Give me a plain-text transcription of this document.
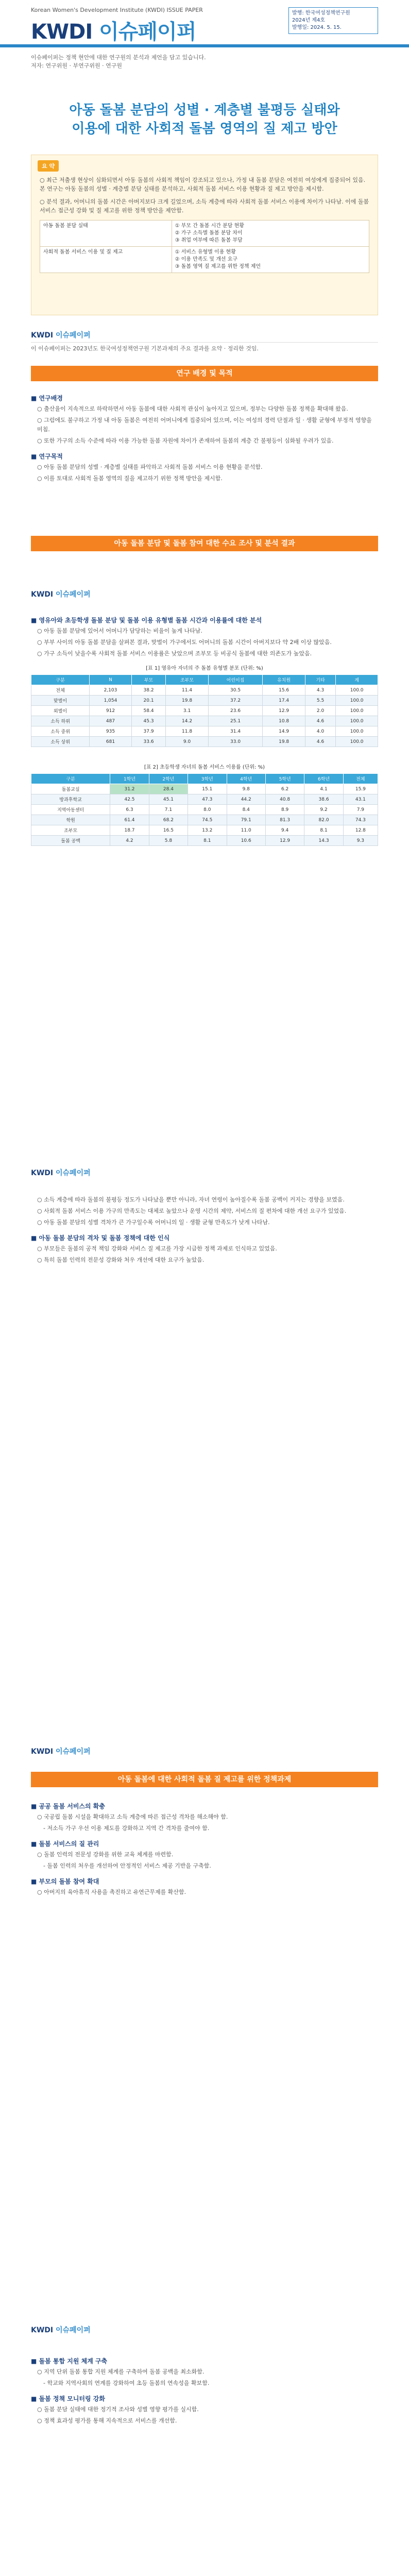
Korean Women's Development Institute (KWDI) ISSUE PAPER
KWDI 이슈페이퍼
발행: 한국여성정책연구원
2024년 제4호
발행일: 2024. 5. 15.
이슈페이퍼는 정책 현안에 대한 연구원의 분석과 제언을 담고 있습니다.
저자: 연구위원 · 부연구위원 · 연구원
아동 돌봄 분담의 성별 · 계층별 불평등 실태와
이용에 대한 사회적 돌봄 영역의 질 제고 방안
요 약

○ 최근 저출생 현상이 심화되면서 아동 돌봄의 사회적 책임이 강조되고 있으나, 가정 내 돌봄 분담은 여전히 여성에게 집중되어 있음. 본 연구는 아동 돌봄의 성별 · 계층별 분담 실태를 분석하고, 사회적 돌봄 서비스 이용 현황과 질 제고 방안을 제시함.

○ 분석 결과, 어머니의 돌봄 시간은 아버지보다 크게 길었으며, 소득 계층에 따라 사회적 돌봄 서비스 이용에 차이가 나타남. 이에 돌봄 서비스 접근성 강화 및 질 제고를 위한 정책 방안을 제안함.

아동 돌봄 분담 실태	① 부모 간 돌봄 시간 분담 현황
② 가구 소득별 돌봄 분담 차이
③ 취업 여부에 따른 돌봄 부담
사회적 돌봄 서비스 이용 및 질 제고	① 서비스 유형별 이용 현황
② 이용 만족도 및 개선 요구
③ 돌봄 영역 질 제고를 위한 정책 제언
KWDI 이슈페이퍼
이 이슈페이퍼는 2023년도 한국여성정책연구원 기본과제의 주요 결과를 요약 · 정리한 것임.
연구 배경 및 목적
■ 연구배경
○ 출산율이 지속적으로 하락하면서 아동 돌봄에 대한 사회적 관심이 높아지고 있으며, 정부는 다양한 돌봄 정책을 확대해 왔음.
○ 그럼에도 불구하고 가정 내 아동 돌봄은 여전히 어머니에게 집중되어 있으며, 이는 여성의 경력 단절과 일 · 생활 균형에 부정적 영향을 미침.
○ 또한 가구의 소득 수준에 따라 이용 가능한 돌봄 자원에 차이가 존재하여 돌봄의 계층 간 불평등이 심화될 우려가 있음.
■ 연구목적
○ 아동 돌봄 분담의 성별 · 계층별 실태를 파악하고 사회적 돌봄 서비스 이용 현황을 분석함.
○ 이를 토대로 사회적 돌봄 영역의 질을 제고하기 위한 정책 방안을 제시함.
아동 돌봄 분담 및 돌봄 참여 대한 수요 조사 및 분석 결과
KWDI 이슈페이퍼
■ 영유아와 초등학생 돌봄 분담 및 돌봄 이용 유형별 돌봄 시간과 이용률에 대한 분석
○ 아동 돌봄 분담에 있어서 어머니가 담당하는 비율이 높게 나타남.
○ 부부 사이의 아동 돌봄 분담을 살펴본 결과, 맞벌이 가구에서도 어머니의 돌봄 시간이 아버지보다 약 2배 이상 많았음.
○ 가구 소득이 낮을수록 사회적 돌봄 서비스 이용률은 낮았으며 조부모 등 비공식 돌봄에 대한 의존도가 높았음.
[표 1] 영유아 자녀의 주 돌봄 유형별 분포 (단위: %)
구분	N	부모	조부모	어린이집	유치원	기타	계
전체	2,103	38.2	11.4	30.5	15.6	4.3	100.0
맞벌이	1,054	20.1	19.8	37.2	17.4	5.5	100.0
외벌이	912	58.4	3.1	23.6	12.9	2.0	100.0
소득 하위	487	45.3	14.2	25.1	10.8	4.6	100.0
소득 중위	935	37.9	11.8	31.4	14.9	4.0	100.0
소득 상위	681	33.6	9.0	33.0	19.8	4.6	100.0
[표 2] 초등학생 자녀의 돌봄 서비스 이용률 (단위: %)
구분	1학년	2학년	3학년	4학년	5학년	6학년	전체
돌봄교실	31.2	28.4	15.1	9.8	6.2	4.1	15.9
방과후학교	42.5	45.1	47.3	44.2	40.8	38.6	43.1
지역아동센터	6.3	7.1	8.0	8.4	8.9	9.2	7.9
학원	61.4	68.2	74.5	79.1	81.3	82.0	74.3
조부모	18.7	16.5	13.2	11.0	9.4	8.1	12.8
돌봄 공백	4.2	5.8	8.1	10.6	12.9	14.3	9.3
KWDI 이슈페이퍼
○ 소득 계층에 따라 돌봄의 불평등 정도가 나타났을 뿐만 아니라, 자녀 연령이 높아질수록 돌봄 공백이 커지는 경향을 보였음.
○ 사회적 돌봄 서비스 이용 가구의 만족도는 대체로 높았으나 운영 시간의 제약, 서비스의 질 편차에 대한 개선 요구가 있었음.
○ 아동 돌봄 분담의 성별 격차가 큰 가구일수록 어머니의 일 · 생활 균형 만족도가 낮게 나타남.
■ 아동 돌봄 분담의 격차 및 돌봄 정책에 대한 인식
○ 부모들은 돌봄의 공적 책임 강화와 서비스 질 제고를 가장 시급한 정책 과제로 인식하고 있었음.
○ 특히 돌봄 인력의 전문성 강화와 처우 개선에 대한 요구가 높았음.
KWDI 이슈페이퍼
아동 돌봄에 대한 사회적 돌봄 질 제고를 위한 정책과제
■ 공공 돌봄 서비스의 확충
○ 국공립 돌봄 시설을 확대하고 소득 계층에 따른 접근성 격차를 해소해야 함.
- 저소득 가구 우선 이용 제도를 강화하고 지역 간 격차를 줄여야 함.
■ 돌봄 서비스의 질 관리
○ 돌봄 인력의 전문성 강화를 위한 교육 체계를 마련함.
- 돌봄 인력의 처우를 개선하여 안정적인 서비스 제공 기반을 구축함.
■ 부모의 돌봄 참여 확대
○ 아버지의 육아휴직 사용을 촉진하고 유연근무제를 확산함.
KWDI 이슈페이퍼
■ 돌봄 통합 지원 체계 구축
○ 지역 단위 돌봄 통합 지원 체계를 구축하여 돌봄 공백을 최소화함.
- 학교와 지역사회의 연계를 강화하여 초등 돌봄의 연속성을 확보함.
■ 돌봄 정책 모니터링 강화
○ 돌봄 분담 실태에 대한 정기적 조사와 성별 영향 평가를 실시함.
○ 정책 효과성 평가를 통해 지속적으로 서비스를 개선함.
